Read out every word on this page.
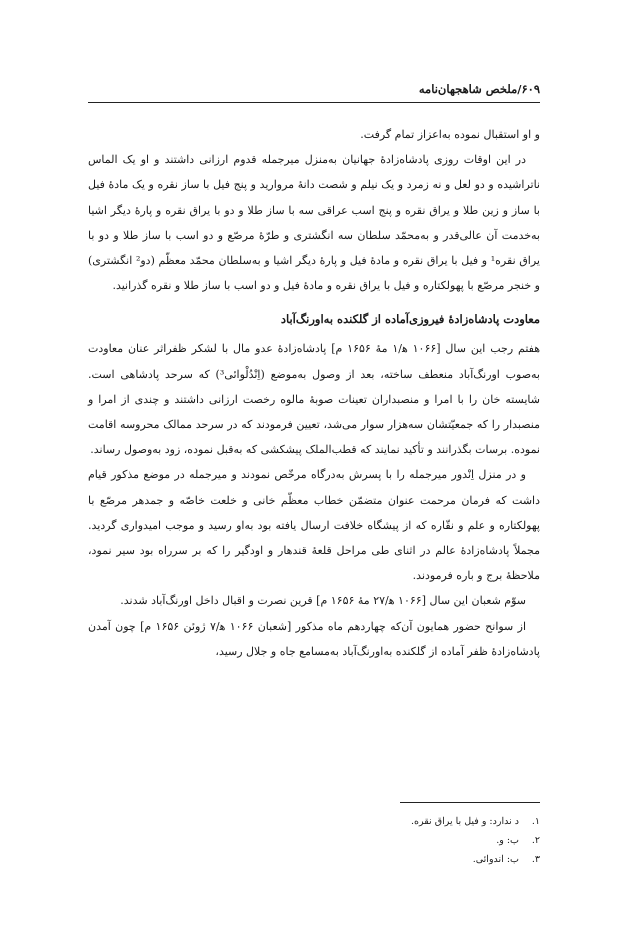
۶۰۹/ملخص شاهجهان‌نامه

و او استقبال نموده به‌اعزاز تمام گرفت.

در این اوقات روزی پادشاه‌زادهٔ جهانیان به‌منزل میرجمله قدوم ارزانی داشتند و او یک الماس ناتراشیده و دو لعل و نه زمرد و یک نیلم و شصت دانهٔ مروارید و پنج فیل با ساز نقره و یک مادهٔ فیل با ساز و زین طلا و یراق نقره و پنج اسب عراقی سه با ساز طلا و دو با یراق نقره و پارهٔ دیگر اشیا به‌خدمت آن عالی‌قدر و به‌محمّد سلطان سه انگشتری و طرّهٔ مرصّع و دو اسب با ساز طلا و دو با یراق نقره¹ و فیل با یراق نقره و مادهٔ فیل و پارهٔ دیگر اشیا و به‌سلطان محمّد معظّم (دو² انگشتری) و خنجر مرصّع با پهولکتاره و فیل با یراق نقره و مادهٔ فیل و دو اسب با ساز طلا و نقره گذرانید.

معاودت پادشاه‌زادهٔ فیروزی‌آماده از گلکنده به‌اورنگ‌آباد

هفتم رجب این سال [۱۰۶۶ ه‍/۱ مهٔ ۱۶۵۶ م] پادشاه‌زادهٔ عدو مال با لشکر ظفراثر عنان معاودت به‌صوب اورنگ‌آباد منعطف ساخته، بعد از وصول به‌موضع (اِنْدُلْوائی³) که سرحد پادشاهی است. شایسته خان را با امرا و منصبداران تعینات صوبهٔ مالوه رخصت ارزانی داشتند و چندی از امرا و منصبدار را که جمعیّتشان سه‌هزار سوار می‌شد، تعیین فرمودند که در سرحد ممالک محروسه اقامت نموده. برسات بگذرانند و تأکید نمایند که قطب‌الملک پیشکشی که به‌قبل نموده، زود به‌وصول رساند.

و در منزل اِنْدور میرجمله را با پسرش به‌درگاه مرخّص نمودند و میرجمله در موضع مذکور قیام داشت که فرمان مرحمت عنوان متضمّن خطاب معظّم خانی و خلعت خاصّه و جمدهر مرصّع با پهولکتاره و علم و نقّاره که از پیشگاه خلافت ارسال یافته بود به‌او رسید و موجب امیدواری گردید. مجملاً پادشاه‌زادهٔ عالم در اثنای طی مراحل قلعهٔ قندهار و اودگیر را که بر سرراه بود سیر نمود، ملاحظهٔ برج و باره فرمودند.

سوّم شعبان این سال [۱۰۶۶ ه‍/۲۷ مهٔ ۱۶۵۶ م] قرین نصرت و اقبال داخل اورنگ‌آباد شدند.

از سوانح حضور همایون آن‌که چهاردهم ماه مذکور [شعبان ۱۰۶۶ ه‍/۷ ژوئن ۱۶۵۶ م] چون آمدن پادشاه‌زادهٔ ظفر آماده از گلکنده به‌اورنگ‌آباد به‌مسامع جاه و جلال رسید،

۱. د ندارد: و فیل با یراق نقره.

۲. ب: و.

۳. ب: اندوائی.
